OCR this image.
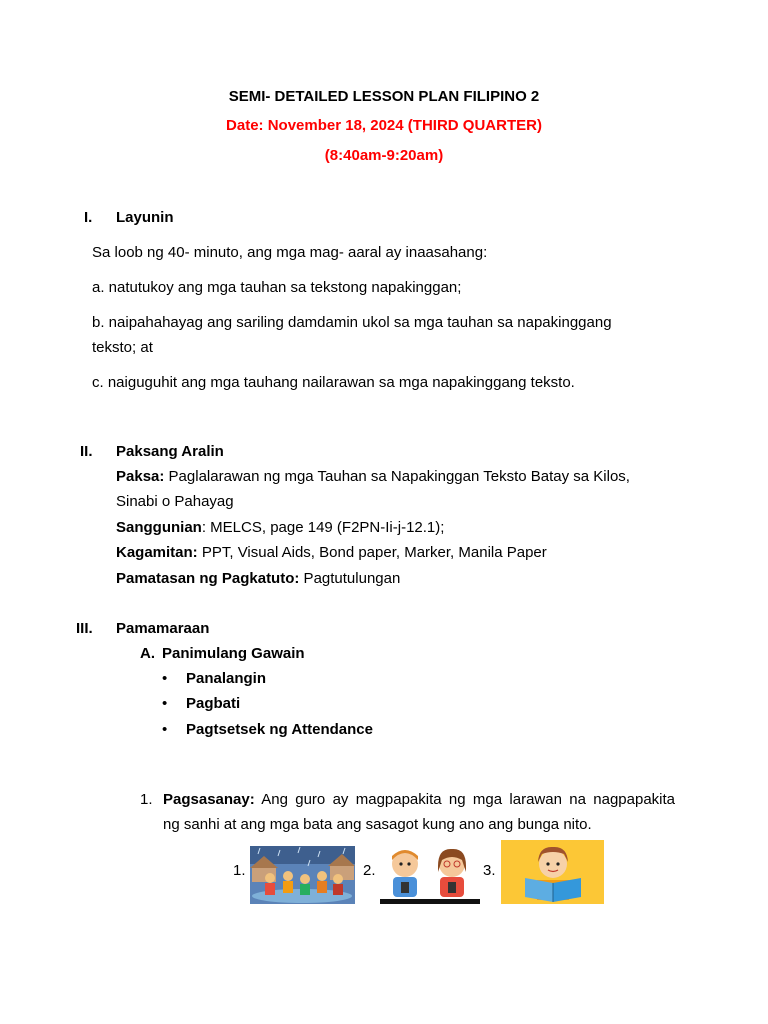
SEMI- DETAILED LESSON PLAN FILIPINO 2
Date: November 18, 2024 (THIRD QUARTER)
(8:40am-9:20am)
I. Layunin
Sa loob ng 40- minuto, ang mga mag- aaral ay inaasahang:
a. natutukoy ang mga tauhan sa tekstong napakinggan;
b. naipahahayag ang sariling damdamin ukol sa mga tauhan sa napakinggang
teksto; at
c. naiguguhit ang mga tauhang nailarawan sa mga napakinggang teksto.
II. Paksang Aralin
Paksa: Paglalarawan ng mga Tauhan sa Napakinggan Teksto Batay sa Kilos,
Sinabi o Pahayag
Sanggunian: MELCS, page 149 (F2PN-Ii-j-12.1);
Kagamitan: PPT, Visual Aids, Bond paper, Marker, Manila Paper
Pamatasan ng Pagkatuto: Pagtutulungan
III. Pamamaraan
A. Panimulang Gawain
• Panalangin
• Pagbati
• Pagtsetsek ng Attendance
1. Pagsasanay: Ang guro ay magpapakita ng mga larawan na nagpapakita
ng sanhi at ang mga bata ang sasagot kung ano ang bunga nito.
1.	2.	3.
